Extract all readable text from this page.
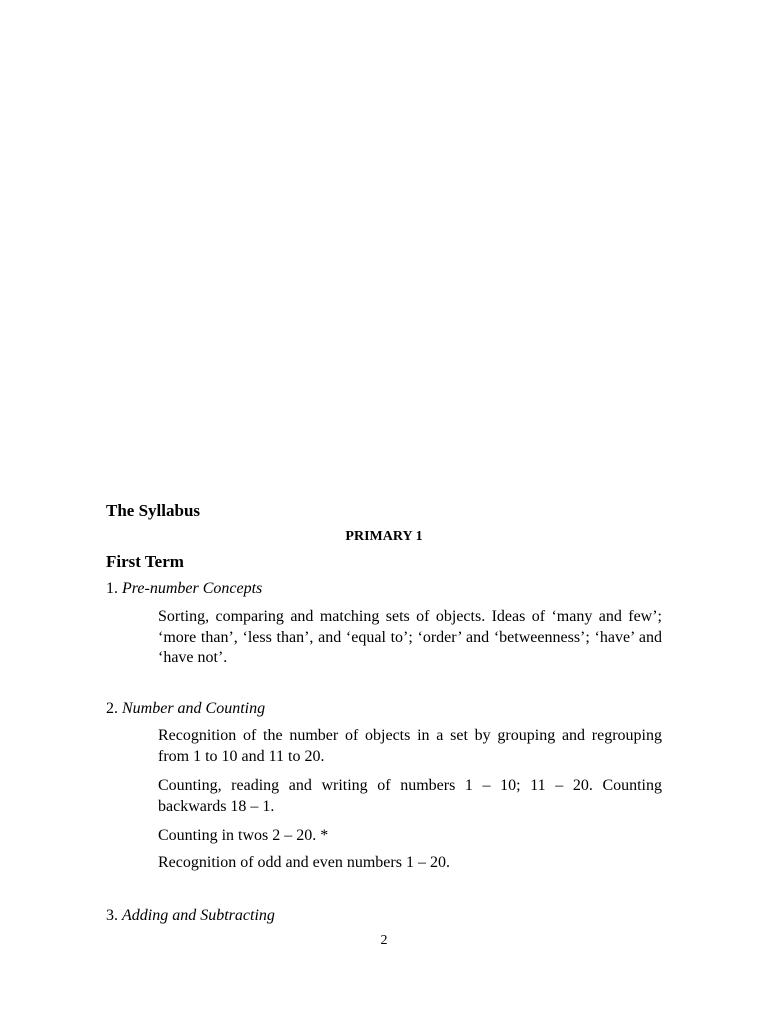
The Syllabus
PRIMARY 1
First Term
1. Pre-number Concepts

Sorting, comparing and matching sets of objects. Ideas of ‘many and few’; ‘more than’, ‘less than’, and ‘equal to’; ‘order’ and ‘betweenness’; ‘have’ and ‘have not’.

2. Number and Counting

Recognition of the number of objects in a set by grouping and regrouping from 1 to 10 and 11 to 20.

Counting, reading and writing of numbers 1 – 10; 11 – 20. Counting backwards 18 – 1.

Counting in twos 2 – 20. *

Recognition of odd and even numbers 1 – 20.

3. Adding and Subtracting
2
